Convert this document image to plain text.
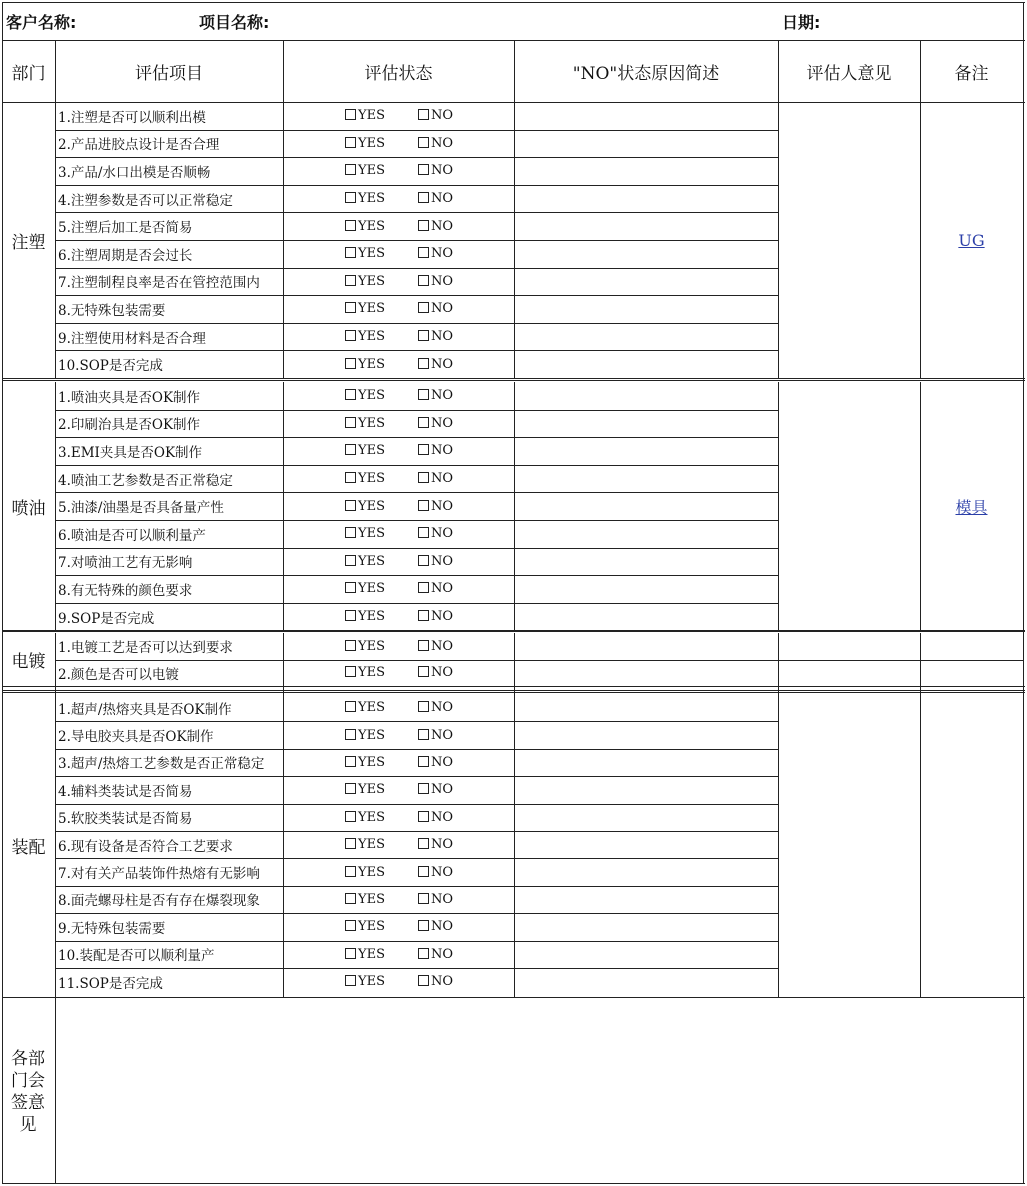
客户名称:	项目名称:	日期:
部门	评估项目	评估状态	"NO"状态原因简述	评估人意见	备注
注塑	UG
1.注塑是否可以顺利出模	YES	NO
2.产品进胶点设计是否合理	YES	NO
3.产品/水口出模是否顺畅	YES	NO
4.注塑参数是否可以正常稳定	YES	NO
5.注塑后加工是否简易	YES	NO
6.注塑周期是否会过长	YES	NO
7.注塑制程良率是否在管控范围内	YES	NO
8.无特殊包装需要	YES	NO
9.注塑使用材料是否合理	YES	NO
10.SOP是否完成	YES	NO
喷油	模具
1.喷油夹具是否OK制作	YES	NO
2.印刷治具是否OK制作	YES	NO
3.EMI夹具是否OK制作	YES	NO
4.喷油工艺参数是否正常稳定	YES	NO
5.油漆/油墨是否具备量产性	YES	NO
6.喷油是否可以顺利量产	YES	NO
7.对喷油工艺有无影响	YES	NO
8.有无特殊的颜色要求	YES	NO
9.SOP是否完成	YES	NO
电镀
1.电镀工艺是否可以达到要求	YES	NO
2.颜色是否可以电镀	YES	NO
装配
1.超声/热熔夹具是否OK制作	YES	NO
2.导电胶夹具是否OK制作	YES	NO
3.超声/热熔工艺参数是否正常稳定	YES	NO
4.辅料类装试是否简易	YES	NO
5.软胶类装试是否简易	YES	NO
6.现有设备是否符合工艺要求	YES	NO
7.对有关产品装饰件热熔有无影响	YES	NO
8.面壳螺母柱是否有存在爆裂现象	YES	NO
9.无特殊包装需要	YES	NO
10.装配是否可以顺利量产	YES	NO
11.SOP是否完成	YES	NO
各部门会签意见
